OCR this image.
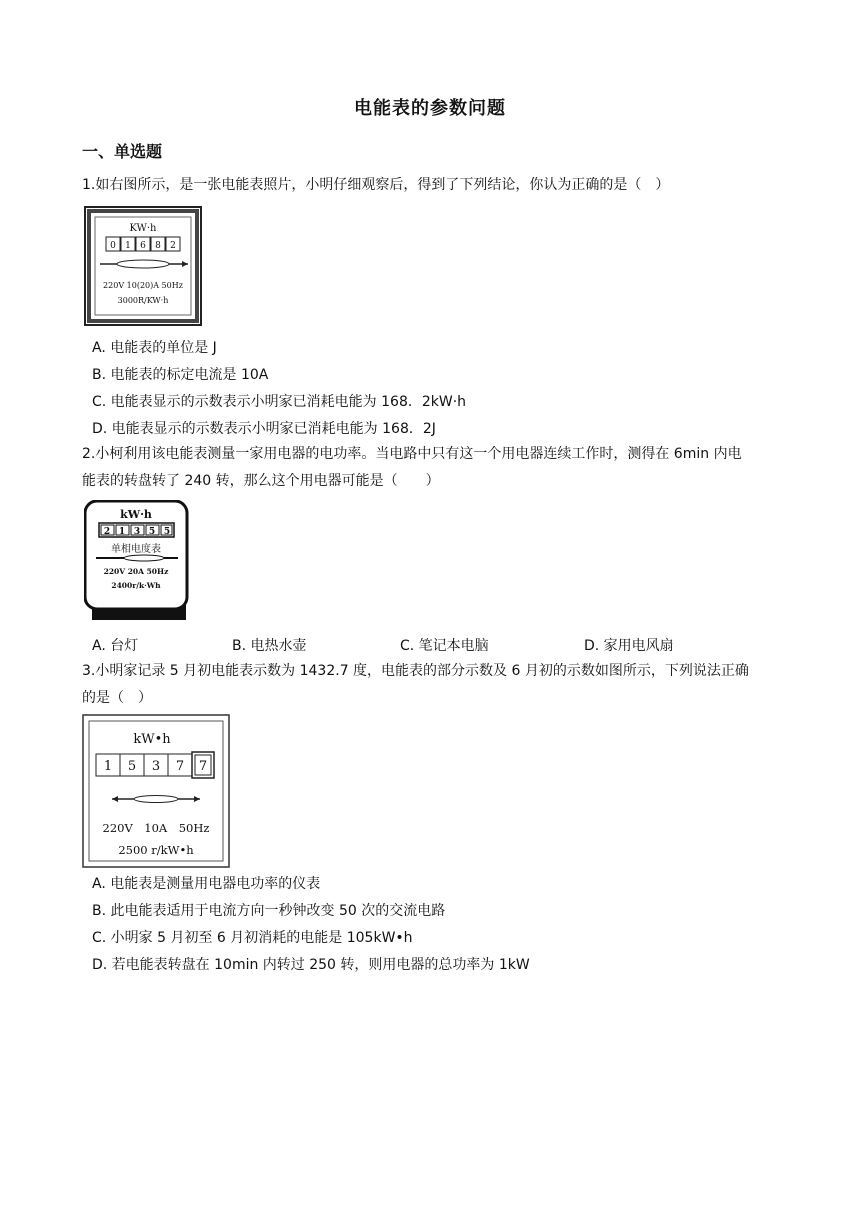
电能表的参数问题
一、单选题
1.如右图所示，是一张电能表照片，小明仔细观察后，得到了下列结论，你认为正确的是（　）
KW·h
0 1 6 8 2
220V 10(20)A 50Hz
3000R/KW·h
A. 电能表的单位是 J
B. 电能表的标定电流是 10A
C. 电能表显示的示数表示小明家已消耗电能为 168．2kW·h
D. 电能表显示的示数表示小明家已消耗电能为 168．2J
2.小柯利用该电能表测量一家用电器的电功率。当电路中只有这一个用电器连续工作时，测得在 6min 内电
能表的转盘转了 240 转，那么这个用电器可能是（　　）
kW·h
2 1 3 5 5
单相电度表
220V 20A 50Hz
2400r/k·Wh
A. 台灯	B. 电热水壶	C. 笔记本电脑	D. 家用电风扇
3.小明家记录 5 月初电能表示数为 1432.7 度，电能表的部分示数及 6 月初的示数如图所示，下列说法正确
的是（　）
kW•h
1 5 3 7 7
220V　10A　50Hz
2500 r/kW•h
A. 电能表是测量用电器电功率的仪表
B. 此电能表适用于电流方向一秒钟改变 50 次的交流电路
C. 小明家 5 月初至 6 月初消耗的电能是 105kW•h
D. 若电能表转盘在 10min 内转过 250 转，则用电器的总功率为 1kW
